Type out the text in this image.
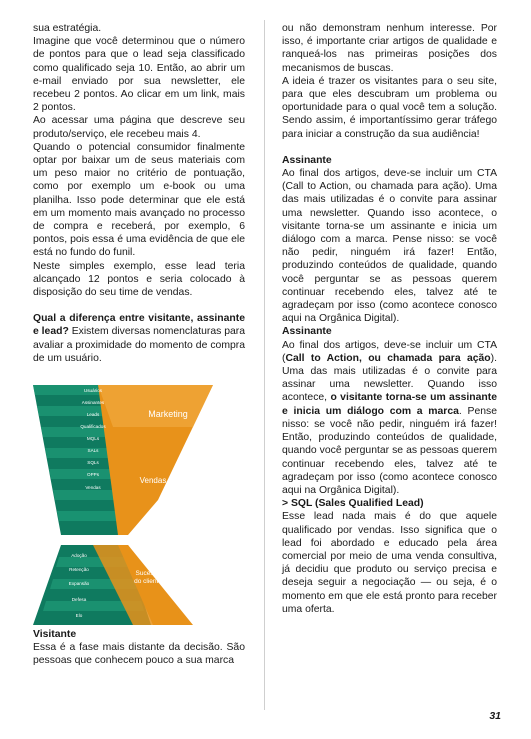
sua estratégia.

Imagine que você determinou que o número de pontos para que o lead seja classificado como qualificado seja 10. Então, ao abrir um e-mail enviado por sua newsletter, ele recebeu 2 pontos. Ao clicar em um link, mais 2 pontos.

Ao acessar uma página que descreve seu produto/serviço, ele recebeu mais 4.

Quando o potencial consumidor finalmente optar por baixar um de seus materiais com um peso maior no critério de pontuação, como por exemplo um e-book ou uma planilha. Isso pode determinar que ele está em um momento mais avançado no processo de compra e receberá, por exemplo, 6 pontos, pois essa é uma evidência de que ele está no fundo do funil.

Neste simples exemplo, esse lead teria alcançado 12 pontos e seria colocado à disposição do seu time de vendas.

Qual a diferença entre visitante, assinante e lead? Existem diversas nomenclaturas para avaliar a proximidade do momento de compra de um usuário.

Usuários
Assinantes
Leads
Qualificados
MQLs
SALs
SQLs
OPPs
Vendas
Adoção
Retenção
Expansão
Defesa
Elo
Marketing
Vendas
Sucesso
do cliente

Visitante

Essa é a fase mais distante da decisão. São pessoas que conhecem pouco a sua marca

ou não demonstram nenhum interesse. Por isso, é importante criar artigos de qualidade e ranqueá-los nas primeiras posições dos mecanismos de buscas.

A ideia é trazer os visitantes para o seu site, para que eles descubram um problema ou oportunidade para o qual você tem a solução. Sendo assim, é importantíssimo gerar tráfego para iniciar a construção da sua audiência!

Assinante

Ao final dos artigos, deve-se incluir um CTA (Call to Action, ou chamada para ação). Uma das mais utilizadas é o convite para assinar uma newsletter. Quando isso acontece, o visitante torna-se um assinante e inicia um diálogo com a marca. Pense nisso: se você não pedir, ninguém irá fazer! Então, produzindo conteúdos de qualidade, quando você perguntar se as pessoas querem continuar recebendo eles, talvez até te agradeçam por isso (como acontece conosco aqui na Orgânica Digital).

Assinante

Ao final dos artigos, deve-se incluir um CTA (Call to Action, ou chamada para ação). Uma das mais utilizadas é o convite para assinar uma newsletter. Quando isso acontece, o visitante torna-se um assinante e inicia um diálogo com a marca. Pense nisso: se você não pedir, ninguém irá fazer! Então, produzindo conteúdos de qualidade, quando você perguntar se as pessoas querem continuar recebendo eles, talvez até te agradeçam por isso (como acontece conosco aqui na Orgânica Digital).

> SQL (Sales Qualified Lead)

Esse lead nada mais é do que aquele qualificado por vendas. Isso significa que o lead foi abordado e educado pela área comercial por meio de uma venda consultiva, já decidiu que produto ou serviço precisa e deseja seguir a negociação — ou seja, é o momento em que ele está pronto para receber uma oferta.

31
